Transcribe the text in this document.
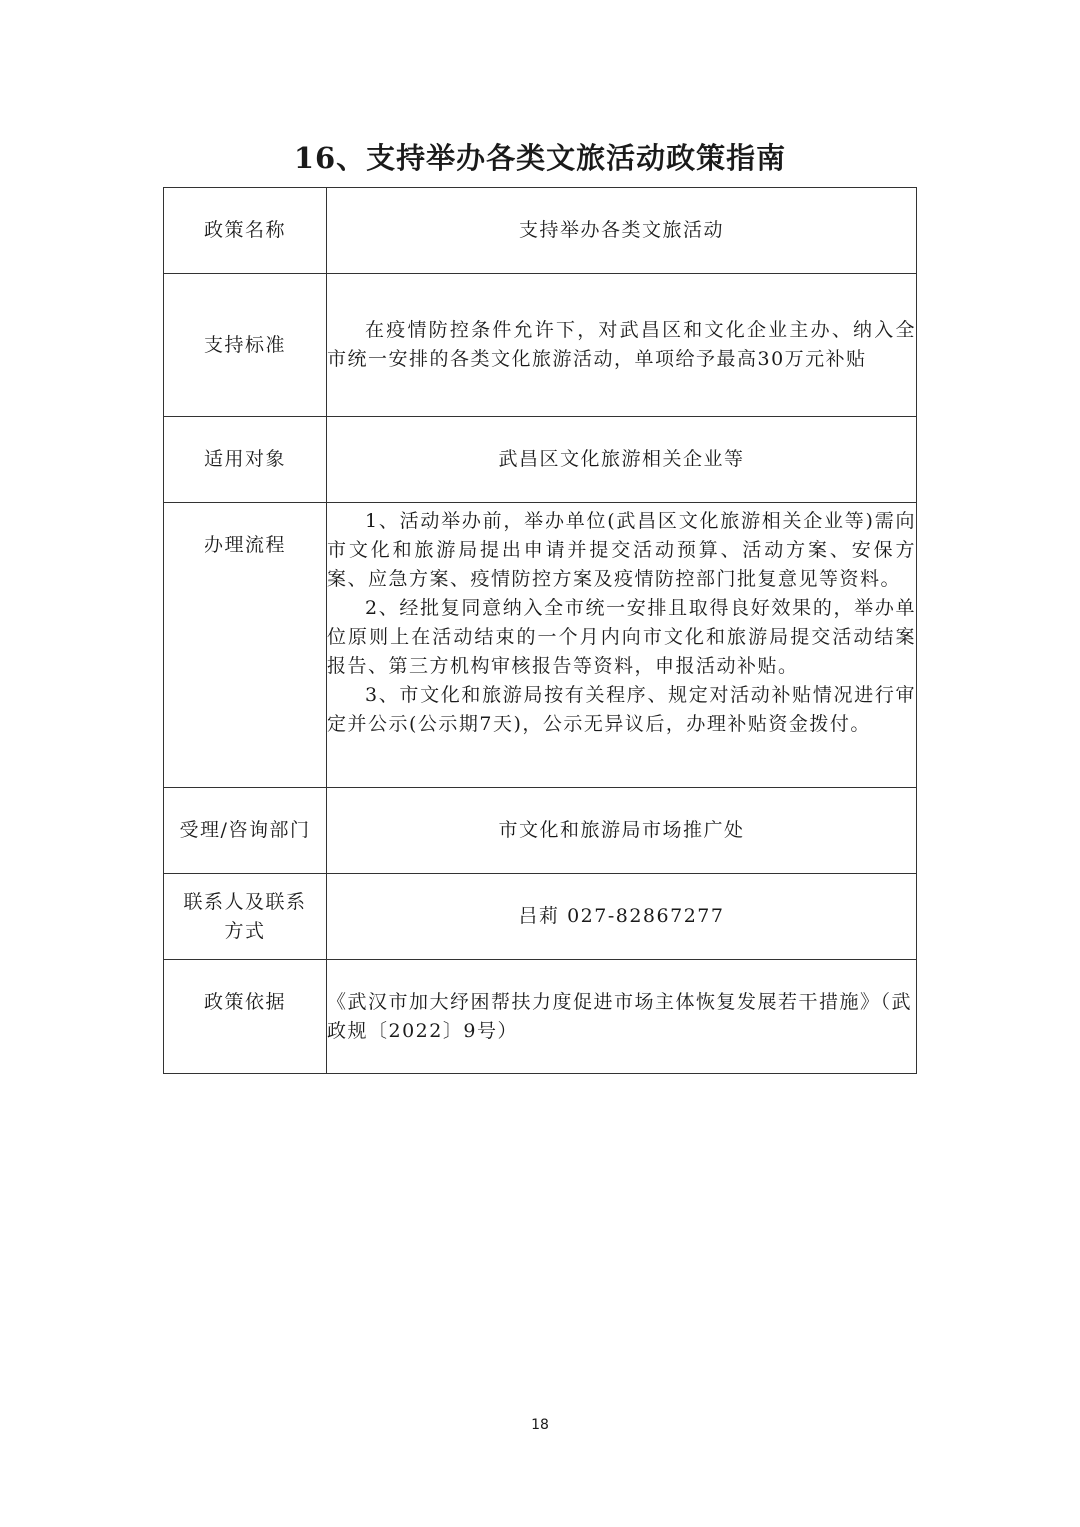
16、支持举办各类文旅活动政策指南
政策名称	支持举办各类文旅活动
支持标准	在疫情防控条件允许下，对武昌区和文化企业主办、纳入全市统一安排的各类文化旅游活动，单项给予最高30万元补贴

适用对象	武昌区文化旅游相关企业等
办理流程	1、活动举办前，举办单位(武昌区文化旅游相关企业等)需向市文化和旅游局提出申请并提交活动预算、活动方案、安保方案、应急方案、疫情防控方案及疫情防控部门批复意见等资料。
2、经批复同意纳入全市统一安排且取得良好效果的，举办单位原则上在活动结束的一个月内向市文化和旅游局提交活动结案报告、第三方机构审核报告等资料，申报活动补贴。
3、市文化和旅游局按有关程序、规定对活动补贴情况进行审定并公示(公示期7天)，公示无异议后，办理补贴资金拨付。

受理/咨询部门	市文化和旅游局市场推广处

联系人及联系方式	吕莉 027-82867277
政策依据	《武汉市加大纾困帮扶力度促进市场主体恢复发展若干措施》（武政规〔2022〕9号）
18
